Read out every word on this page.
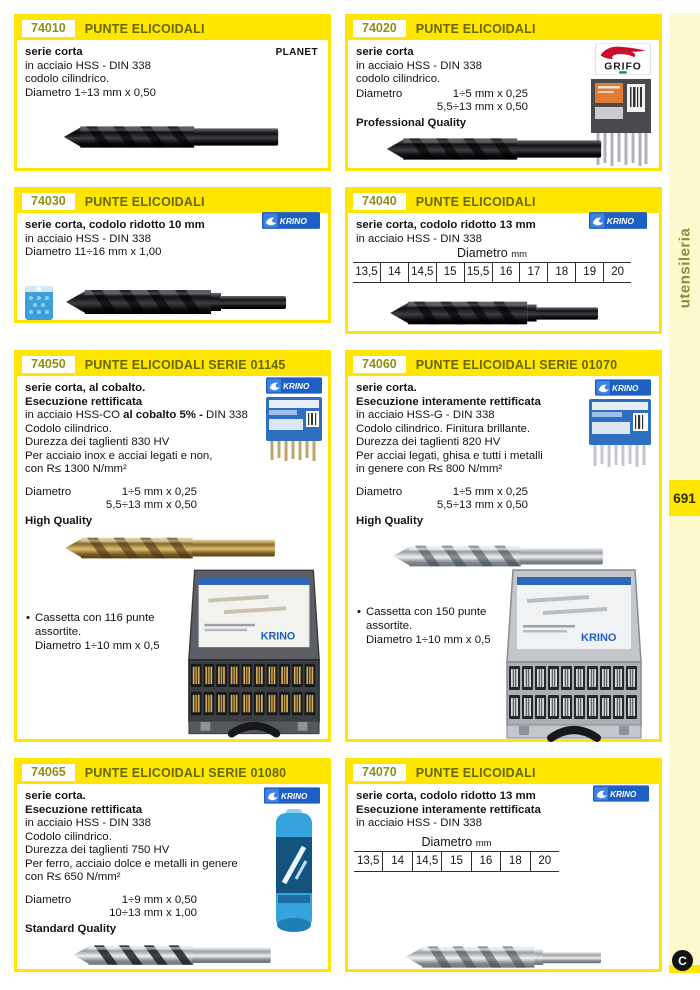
74010	PUNTE ELICOIDALI
serie corta
in acciaio HSS - DIN 338
codolo cilindrico.
Diametro 1÷13 mm x 0,50
PLANET
74020	PUNTE ELICOIDALI
serie corta
in acciaio HSS - DIN 338
codolo cilindrico.
Diametro	1÷5 mm x 0,25
5,5÷13 mm x 0,50
Professional Quality
GRIFO
74030	PUNTE ELICOIDALI
serie corta, codolo ridotto 10 mm
in acciaio HSS - DIN 338
Diametro 11÷16 mm x 1,00
KRINO
74040	PUNTE ELICOIDALI
serie corta, codolo ridotto 13 mm
in acciaio HSS - DIN 338
KRINO
Diametro mm
13,5 14 14,5 15 15,5 16	17	18	19	20
74050	PUNTE ELICOIDALI SERIE 01145
serie corta, al cobalto.
Esecuzione rettificata
in acciaio HSS-CO al cobalto 5% - DIN 338
Codolo cilindrico.
Durezza dei taglienti 830 HV
Per acciaio inox e acciai legati e non,
con R≤ 1300 N/mm²
Diametro	1÷5 mm x 0,25
5,5÷13 mm x 0,50
High Quality
KRINO
• Cassetta con 116 punte assortite.
Diametro 1÷10 mm x 0,5
KRINO
74060	PUNTE ELICOIDALI SERIE 01070
serie corta.
Esecuzione interamente rettificata
in acciaio HSS-G - DIN 338
Codolo cilindrico. Finitura brillante.
Durezza dei taglienti 820 HV
Per acciai legati, ghisa e tutti i metalli
in genere con R≤ 800 N/mm²
Diametro	1÷5 mm x 0,25
5,5÷13 mm x 0,50
High Quality
KRINO
• Cassetta con 150 punte assortite.
Diametro 1÷10 mm x 0,5	KRINO
74065	PUNTE ELICOIDALI SERIE 01080
serie corta.
Esecuzione rettificata
in acciaio HSS - DIN 338
Codolo cilindrico.
Durezza dei taglienti 750 HV
Per ferro, acciaio dolce e metalli in genere
con R≤ 650 N/mm²
Diametro	1÷9 mm x 0,50
10÷13 mm x 1,00
Standard Quality
KRINO
74070	PUNTE ELICOIDALI
serie corta, codolo ridotto 13 mm
Esecuzione interamente rettificata
in acciaio HSS - DIN 338
KRINO
Diametro mm
13,5	14	14,5	15	16	18	20
utensileria
691
C
